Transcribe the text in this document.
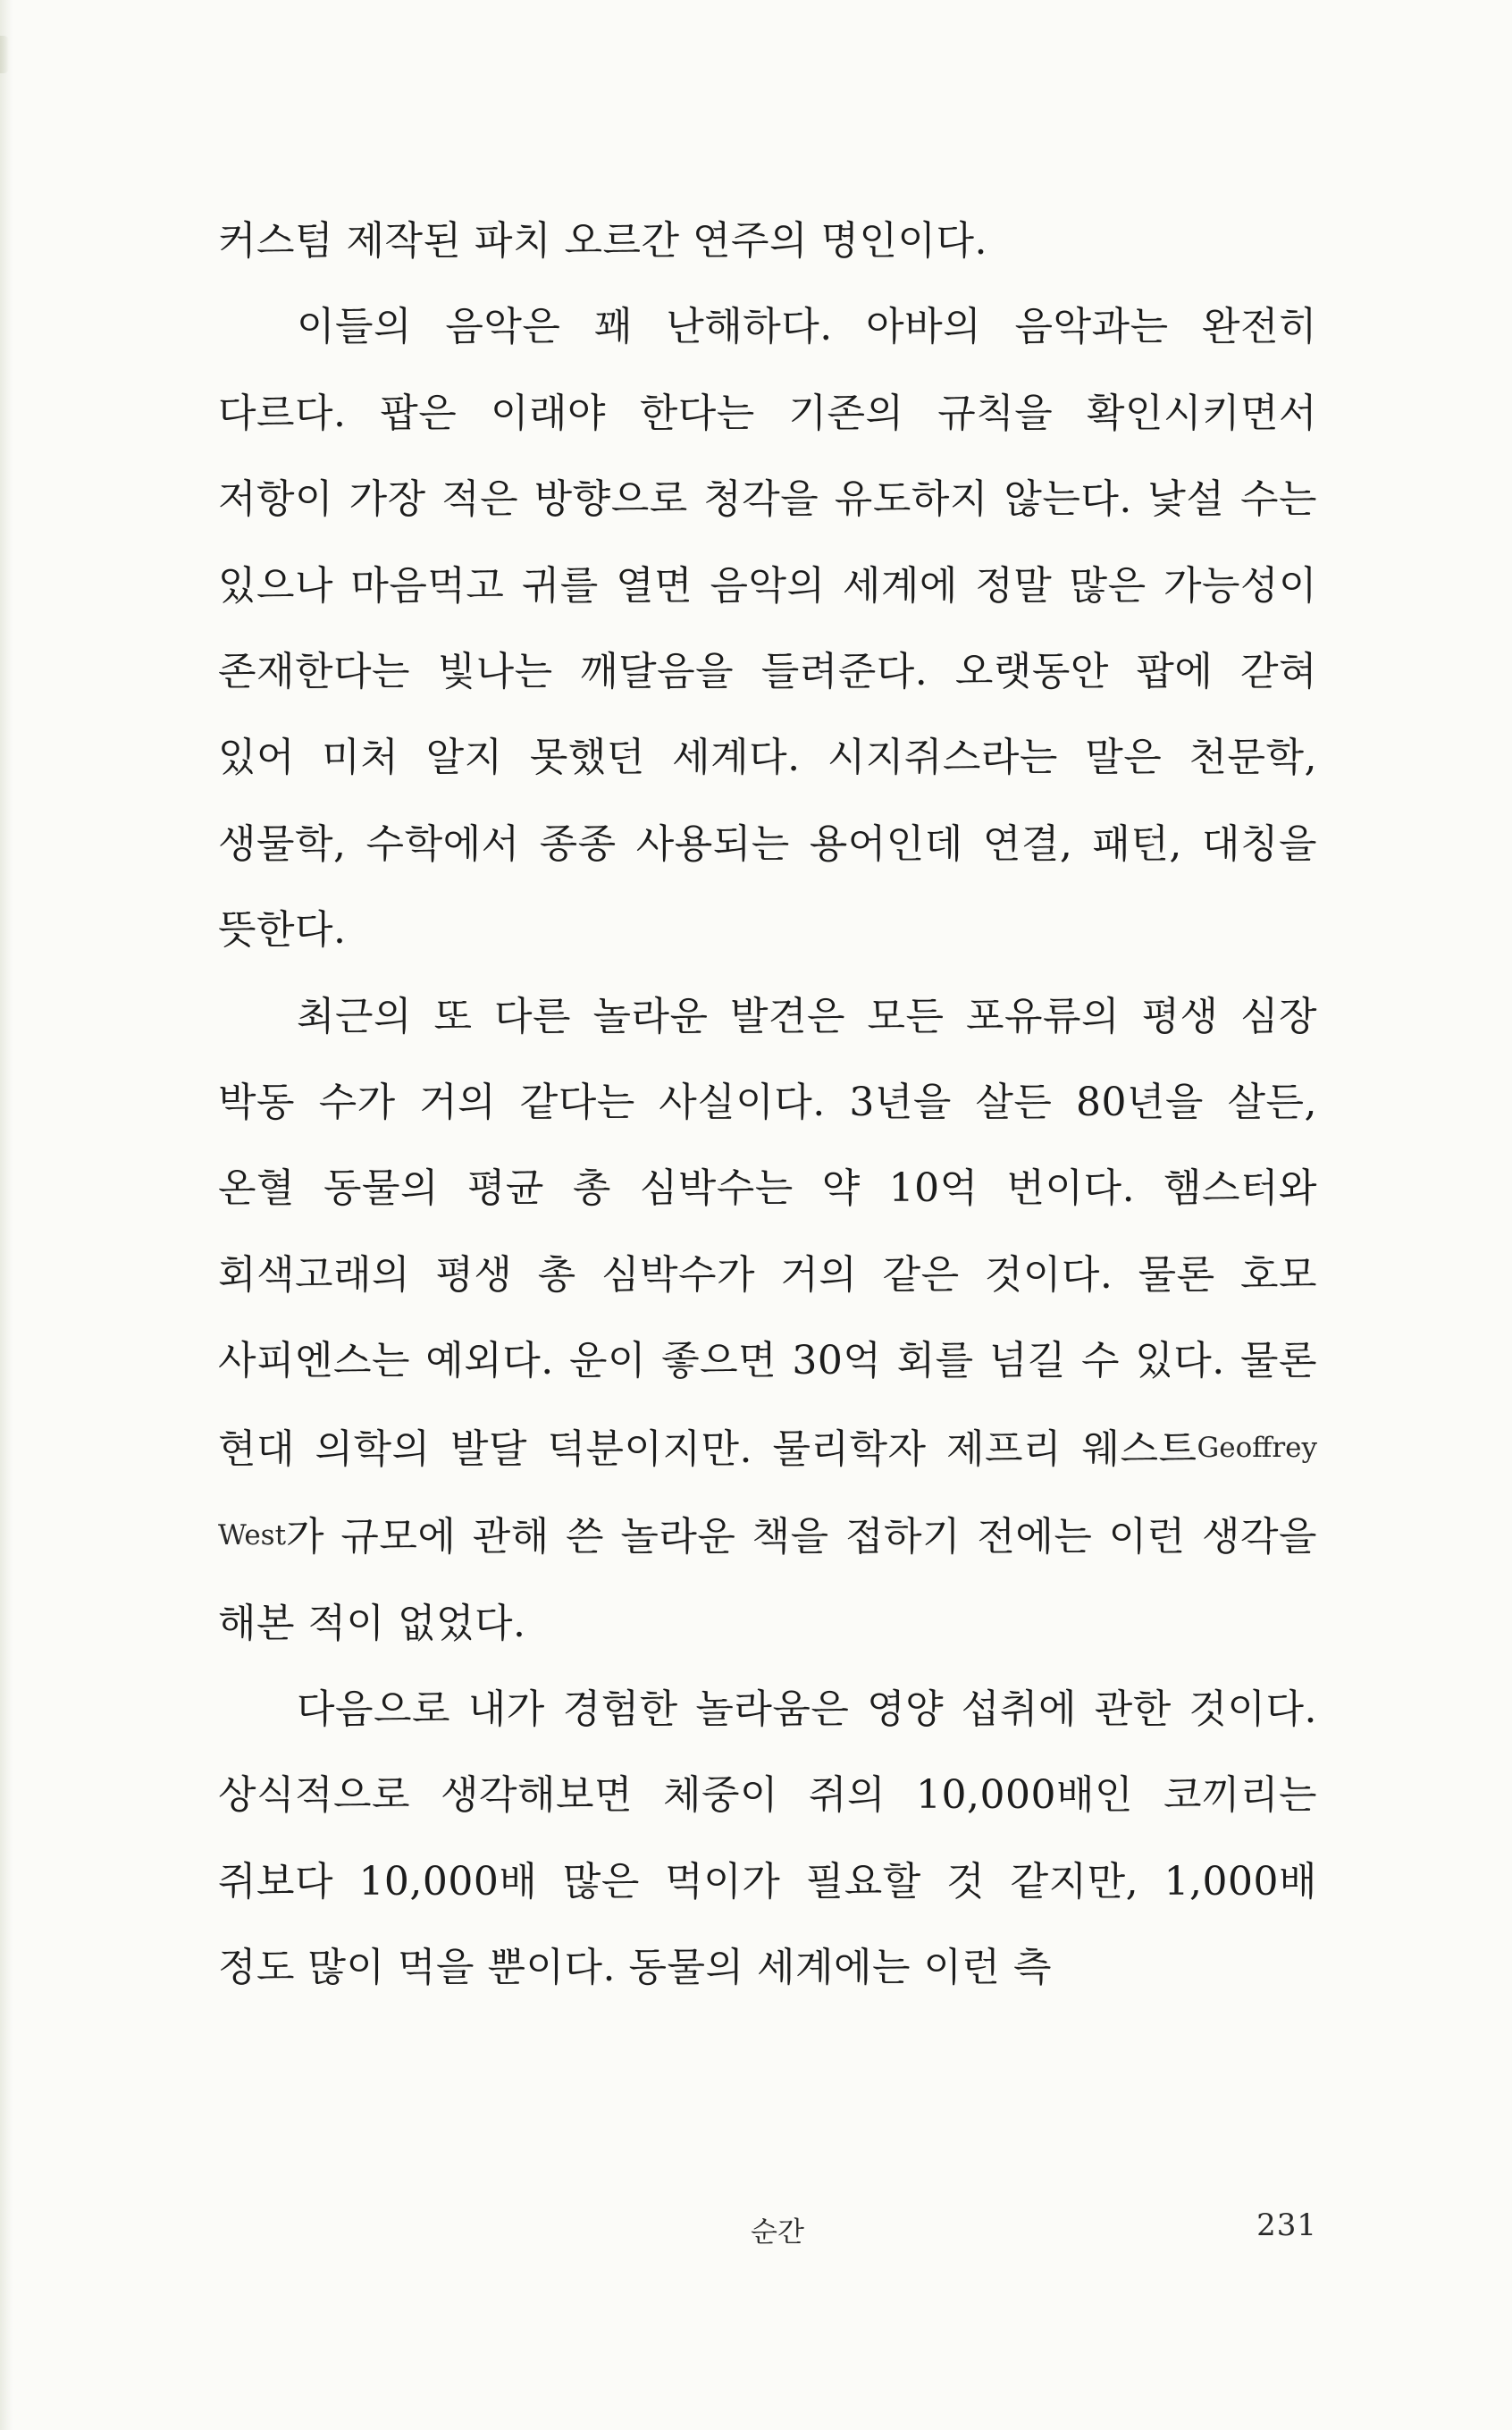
커스텀 제작된 파치 오르간 연주의 명인이다.

이들의 음악은 꽤 난해하다. 아바의 음악과는 완전히 다르다. 팝은 이래야 한다는 기존의 규칙을 확인시키면서 저항이 가장 적은 방향으로 청각을 유도하지 않는다. 낯설 수는 있으나 마음먹고 귀를 열면 음악의 세계에 정말 많은 가능성이 존재한다는 빛나는 깨달음을 들려준다. 오랫동안 팝에 갇혀 있어 미처 알지 못했던 세계다. 시지쥐스라는 말은 천문학, 생물학, 수학에서 종종 사용되는 용어인데 연결, 패턴, 대칭을 뜻한다.

최근의 또 다른 놀라운 발견은 모든 포유류의 평생 심장 박동 수가 거의 같다는 사실이다. 3년을 살든 80년을 살든, 온혈 동물의 평균 총 심박수는 약 10억 번이다. 햄스터와 회색고래의 평생 총 심박수가 거의 같은 것이다. 물론 호모 사피엔스는 예외다. 운이 좋으면 30억 회를 넘길 수 있다. 물론 현대 의학의 발달 덕분이지만. 물리학자 제프리 웨스트Geoffrey West가 규모에 관해 쓴 놀라운 책을 접하기 전에는 이런 생각을 해본 적이 없었다.

다음으로 내가 경험한 놀라움은 영양 섭취에 관한 것이다. 상식적으로 생각해보면 체중이 쥐의 10,000배인 코끼리는 쥐보다 10,000배 많은 먹이가 필요할 것 같지만, 1,000배 정도 많이 먹을 뿐이다. 동물의 세계에는 이런 측

순간	231
